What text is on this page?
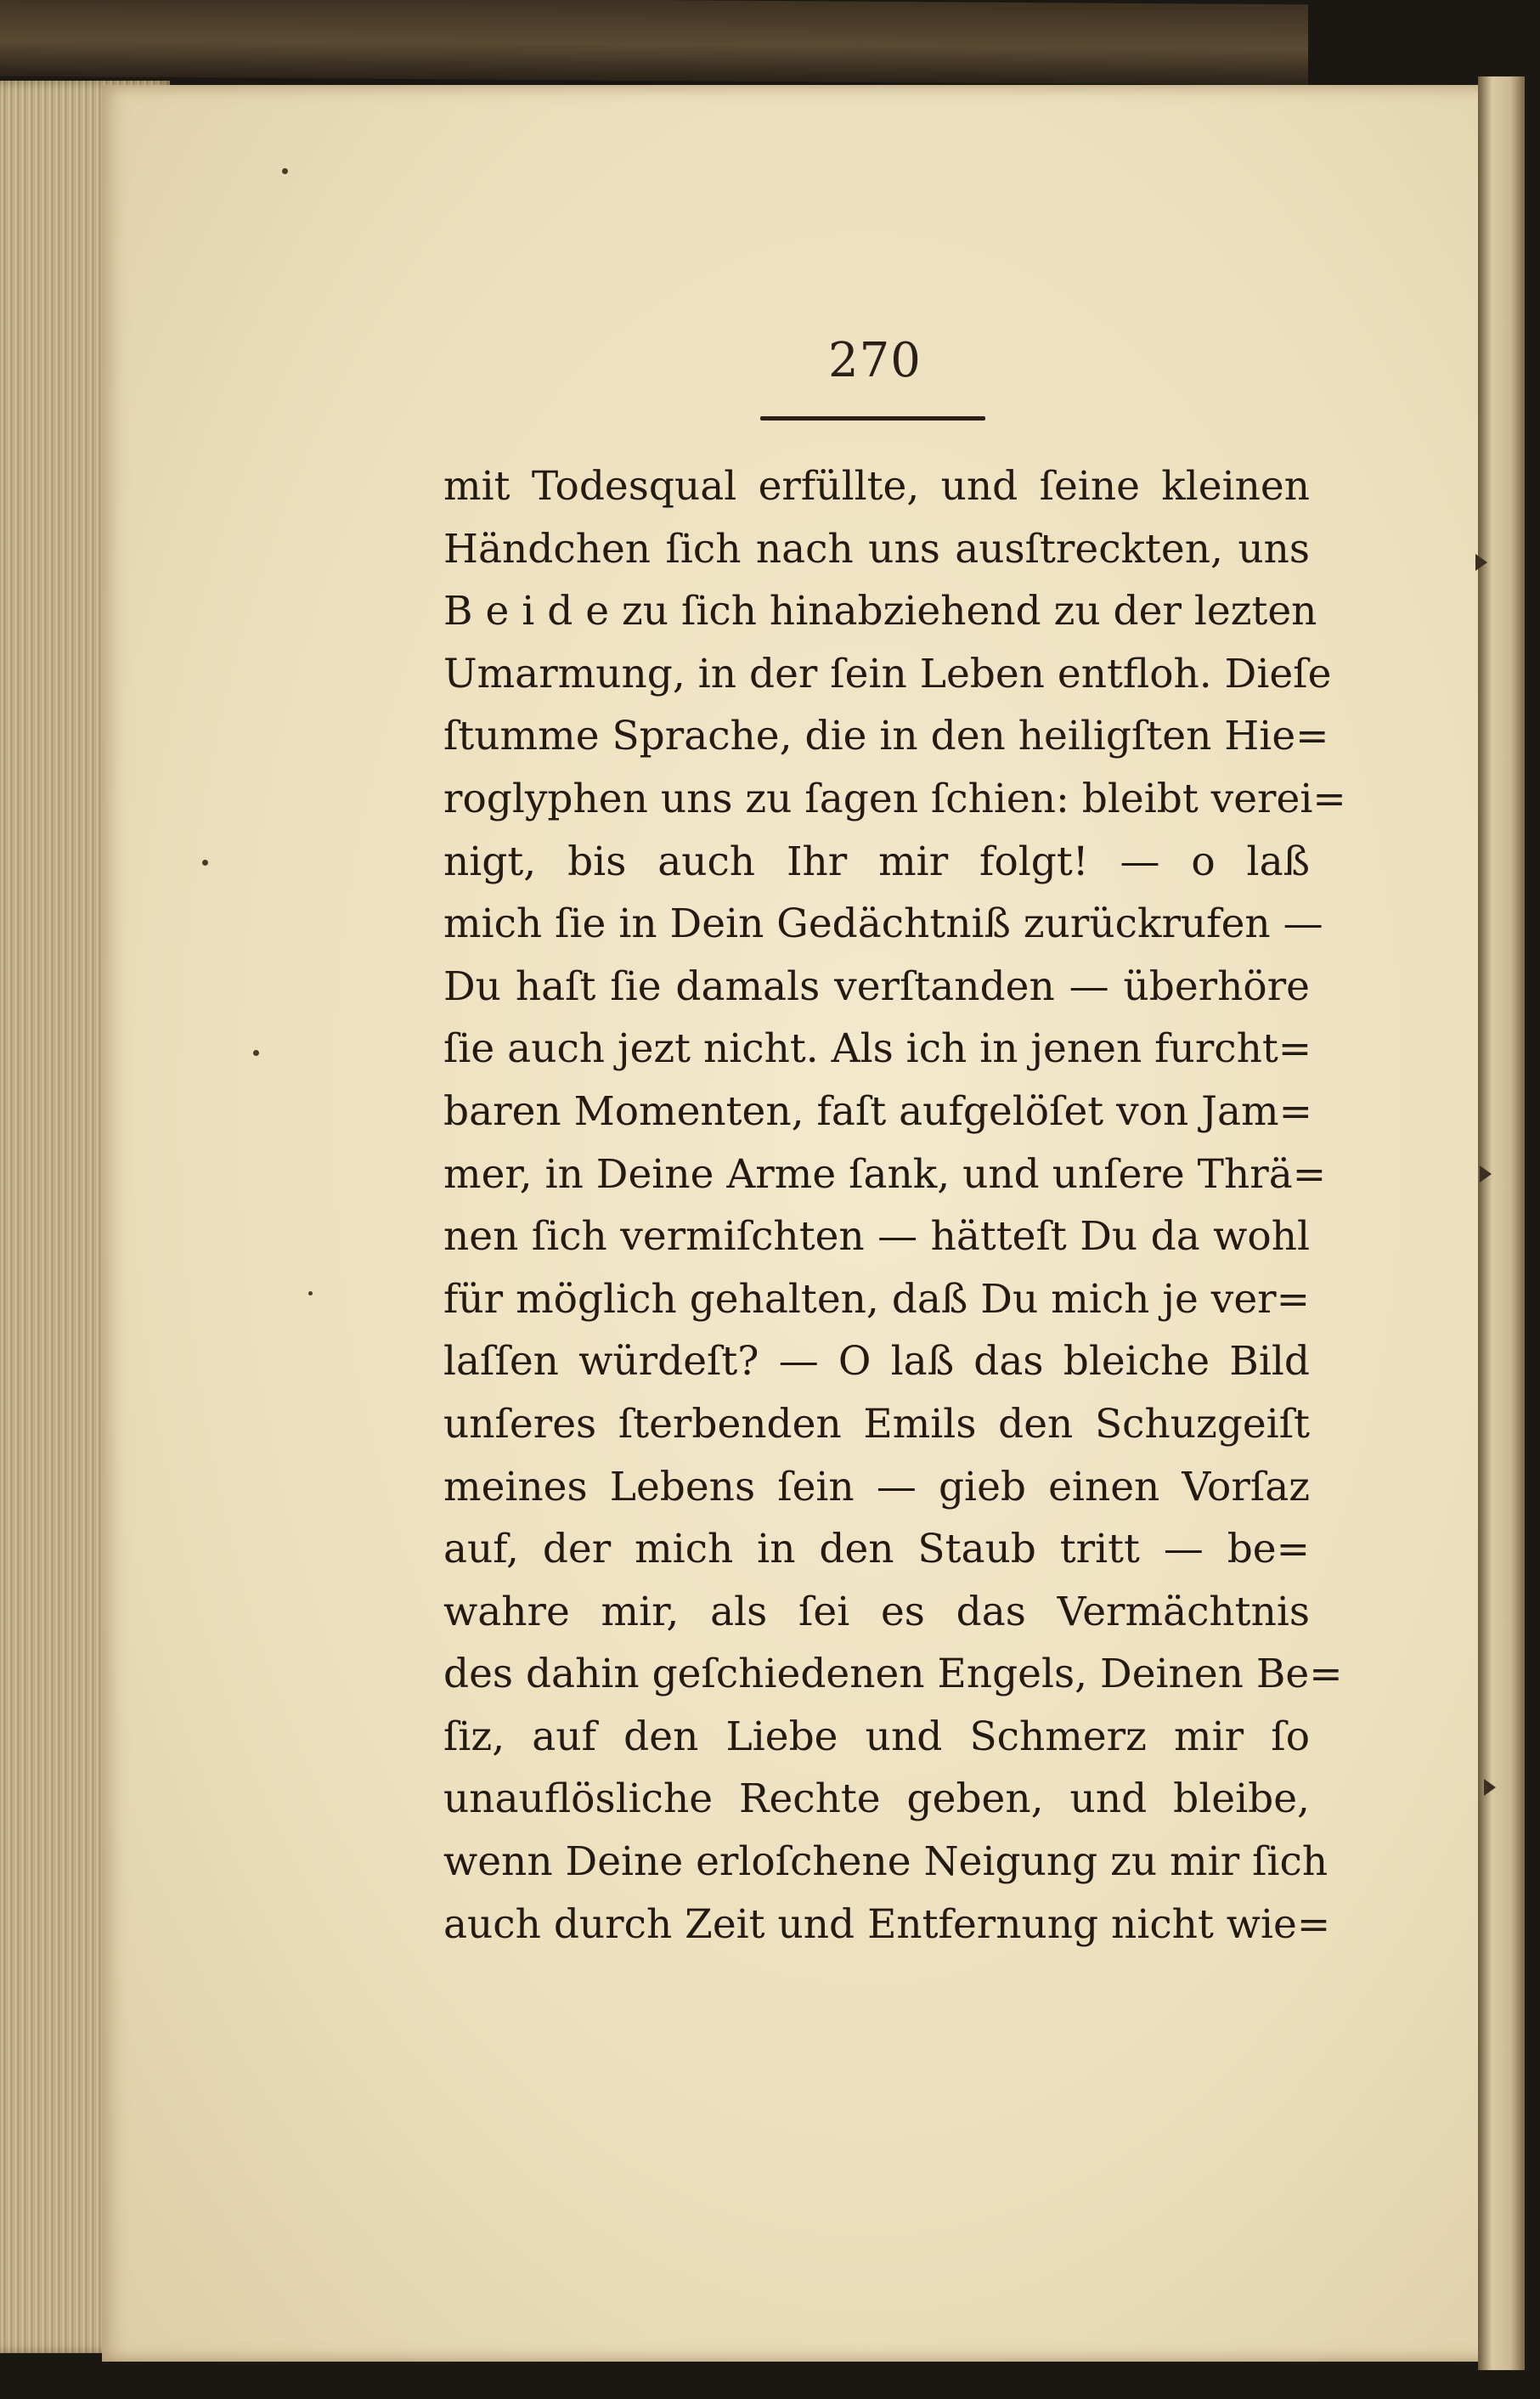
270
mit Todesqual erfüllte, und ſeine kleinen
Händchen ſich nach uns ausſtreckten, uns
B e i d e zu ſich hinabziehend zu der lezten
Umarmung, in der ſein Leben entfloh. Dieſe
ſtumme Sprache, die in den heiligſten Hie=
roglyphen uns zu ſagen ſchien: bleibt verei=
nigt, bis auch Ihr mir folgt! — o laß
mich ſie in Dein Gedächtniß zurückrufen —
Du haſt ſie damals verſtanden — überhöre
ſie auch jezt nicht. Als ich in jenen furcht=
baren Momenten, faſt aufgelöſet von Jam=
mer, in Deine Arme ſank, und unſere Thrä=
nen ſich vermiſchten — hätteſt Du da wohl
für möglich gehalten, daß Du mich je ver=
laſſen würdeſt? — O laß das bleiche Bild
unſeres ſterbenden Emils den Schuzgeiſt
meines Lebens ſein — gieb einen Vorſaz
auf, der mich in den Staub tritt — be=
wahre mir, als ſei es das Vermächtnis
des dahin geſchiedenen Engels, Deinen Be=
ſiz, auf den Liebe und Schmerz mir ſo
unauflösliche Rechte geben, und bleibe,
wenn Deine erloſchene Neigung zu mir ſich
auch durch Zeit und Entfernung nicht wie=
